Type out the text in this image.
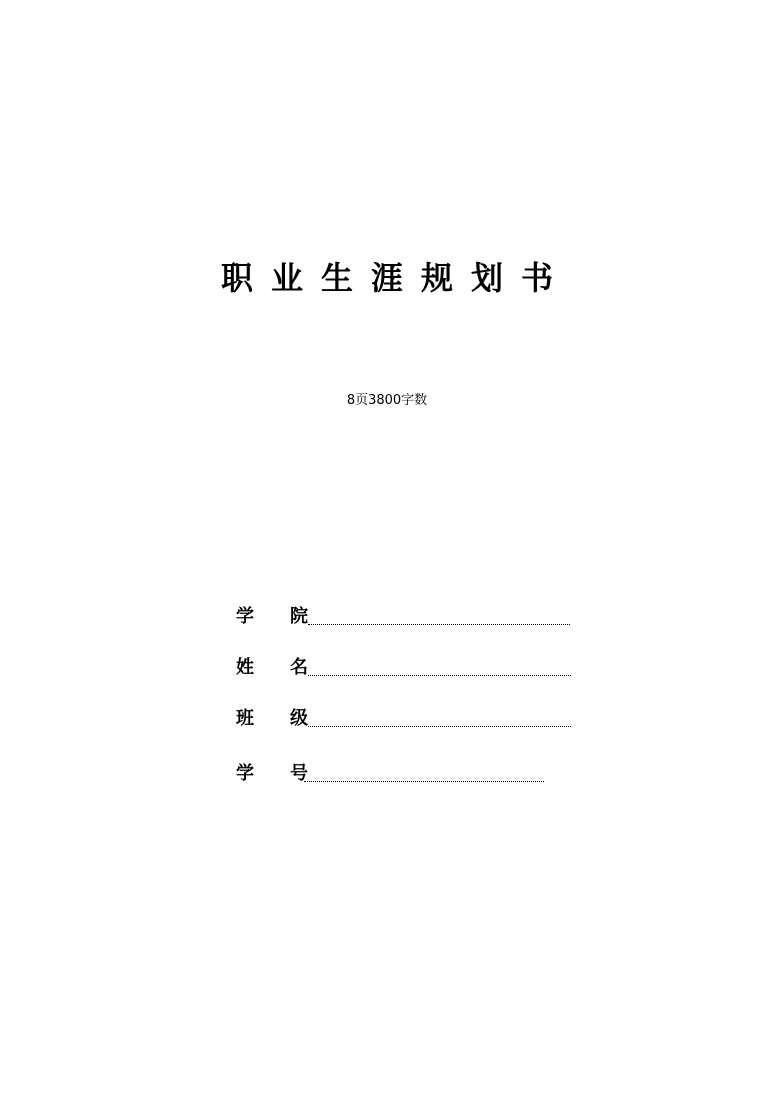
职业生涯规划书
8页3800字数
学 院
姓 名
班 级
学 号
